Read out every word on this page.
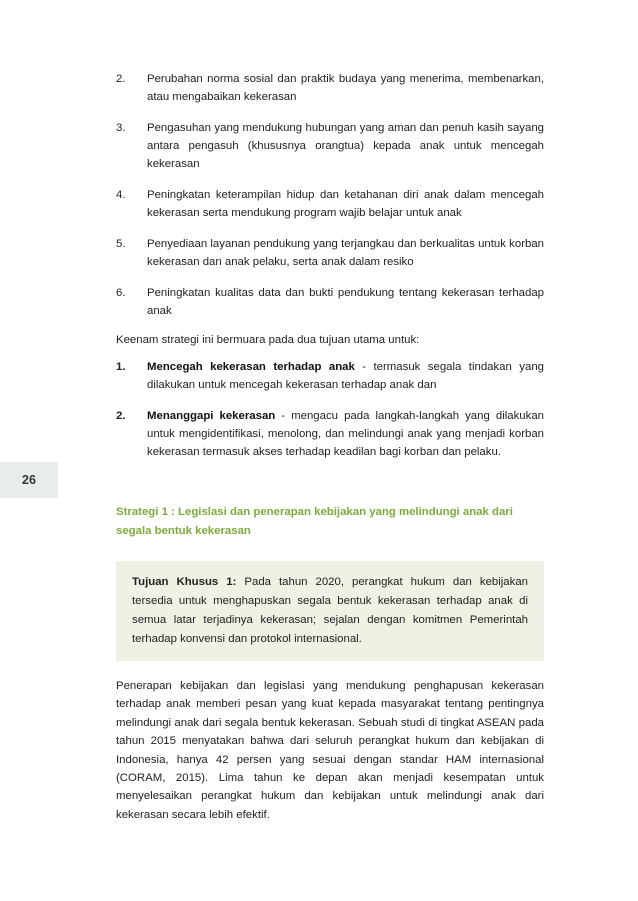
26
2.	Perubahan norma sosial dan praktik budaya yang menerima, membenarkan, atau mengabaikan kekerasan
3.	Pengasuhan yang mendukung hubungan yang aman dan penuh kasih sayang antara pengasuh (khususnya orangtua) kepada anak untuk mencegah kekerasan
4.	Peningkatan keterampilan hidup dan ketahanan diri anak dalam mencegah kekerasan serta mendukung program wajib belajar untuk anak
5.	Penyediaan layanan pendukung yang terjangkau dan berkualitas untuk korban kekerasan dan anak pelaku, serta anak dalam resiko
6.	Peningkatan kualitas data dan bukti pendukung tentang kekerasan terhadap anak
Keenam strategi ini bermuara pada dua tujuan utama untuk:
1.	Mencegah kekerasan terhadap anak - termasuk segala tindakan yang dilakukan untuk mencegah kekerasan terhadap anak dan
2.	Menanggapi kekerasan - mengacu pada langkah-langkah yang dilakukan untuk mengidentifikasi, menolong, dan melindungi anak yang menjadi korban kekerasan termasuk akses terhadap keadilan bagi korban dan pelaku.
Strategi 1 : Legislasi dan penerapan kebijakan yang melindungi anak dari segala bentuk kekerasan
Tujuan Khusus 1: Pada tahun 2020, perangkat hukum dan kebijakan tersedia untuk menghapuskan segala bentuk kekerasan terhadap anak di semua latar terjadinya kekerasan; sejalan dengan komitmen Pemerintah terhadap konvensi dan protokol internasional.
Penerapan kebijakan dan legislasi yang mendukung penghapusan kekerasan terhadap anak memberi pesan yang kuat kepada masyarakat tentang pentingnya melindungi anak dari segala bentuk kekerasan. Sebuah studi di tingkat ASEAN pada tahun 2015 menyatakan bahwa dari seluruh perangkat hukum dan kebijakan di Indonesia, hanya 42 persen yang sesuai dengan standar HAM internasional (CORAM, 2015). Lima tahun ke depan akan menjadi kesempatan untuk menyelesaikan perangkat hukum dan kebijakan untuk melindungi anak dari kekerasan secara lebih efektif.
